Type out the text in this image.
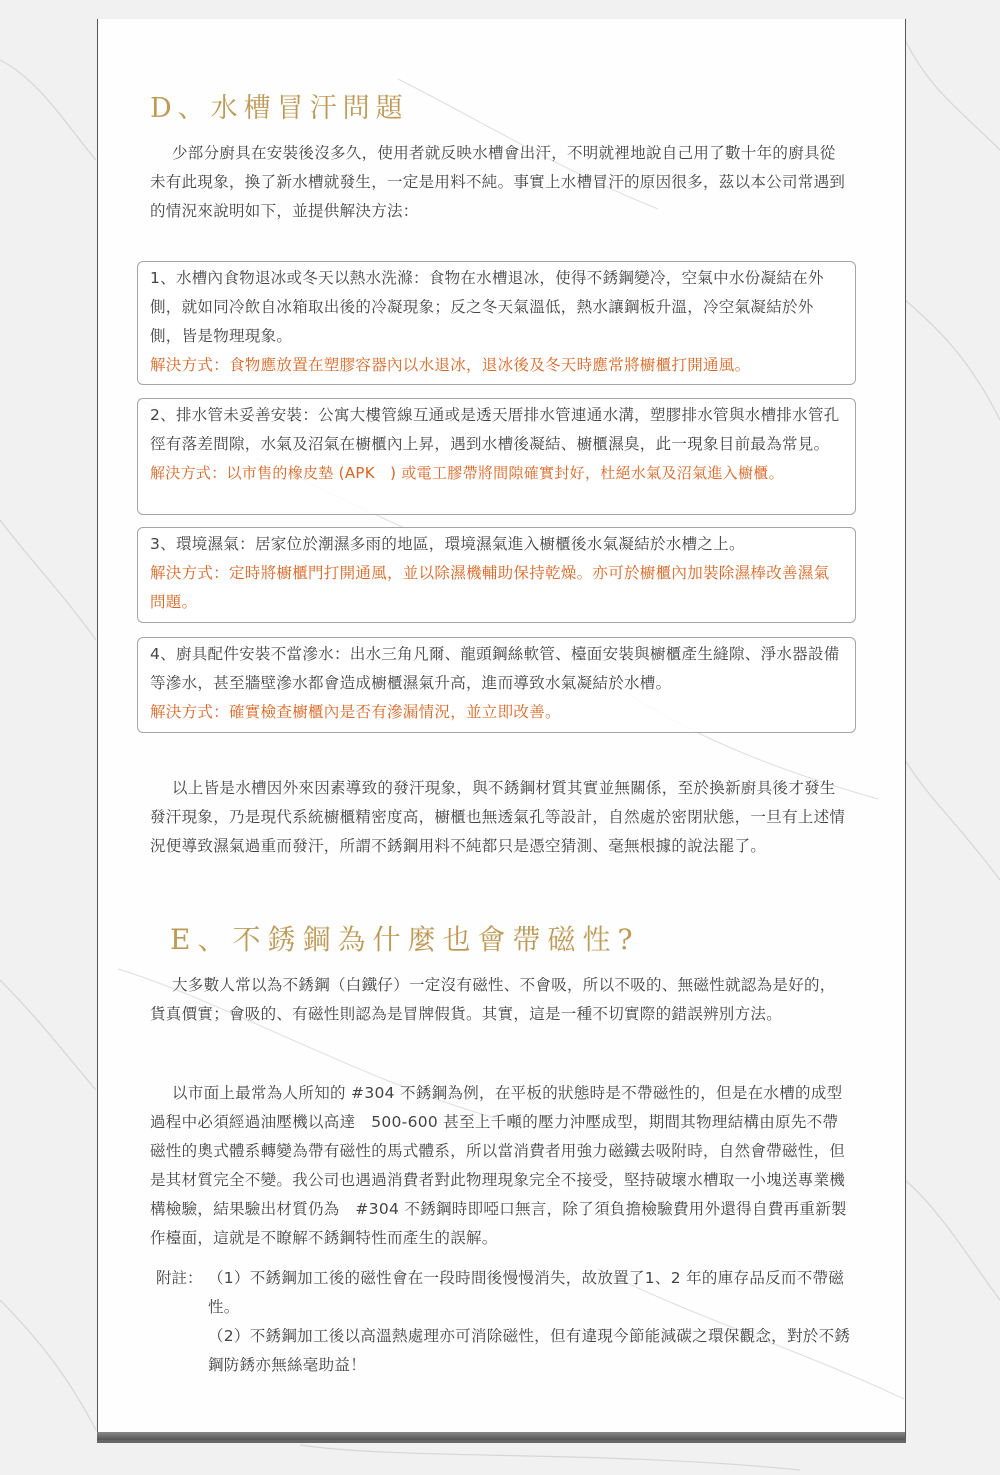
D、水槽冒汗問題

少部分廚具在安裝後沒多久，使用者就反映水槽會出汗，不明就裡地說自己用了數十年的廚具從未有此現象，換了新水槽就發生，一定是用料不純。事實上水槽冒汗的原因很多，茲以本公司常遇到的情況來說明如下，並提供解決方法：

1、水槽內食物退冰或冬天以熱水洗滌：食物在水槽退冰，使得不銹鋼變冷，空氣中水份凝結在外側，就如同冷飲自冰箱取出後的冷凝現象；反之冬天氣溫低，熱水讓鋼板升溫，冷空氣凝結於外側，皆是物理現象。

解決方式：食物應放置在塑膠容器內以水退冰，退冰後及冬天時應常將櫥櫃打開通風。

2、排水管未妥善安裝：公寓大樓管線互通或是透天厝排水管連通水溝，塑膠排水管與水槽排水管孔徑有落差間隙，水氣及沼氣在櫥櫃內上昇，遇到水槽後凝結、櫥櫃濕臭，此一現象目前最為常見。

解決方式：以市售的橡皮墊 (APK　) 或電工膠帶將間隙確實封好，杜絕水氣及沼氣進入櫥櫃。

3、環境濕氣：居家位於潮濕多雨的地區，環境濕氣進入櫥櫃後水氣凝結於水槽之上。

解決方式：定時將櫥櫃門打開通風，並以除濕機輔助保持乾燥。亦可於櫥櫃內加裝除濕棒改善濕氣問題。

4、廚具配件安裝不當滲水：出水三角凡爾、龍頭鋼絲軟管、檯面安裝與櫥櫃產生縫隙、淨水器設備等滲水，甚至牆壁滲水都會造成櫥櫃濕氣升高，進而導致水氣凝結於水槽。

解決方式：確實檢查櫥櫃內是否有滲漏情況，並立即改善。

以上皆是水槽因外來因素導致的發汗現象，與不銹鋼材質其實並無關係，至於換新廚具後才發生發汗現象，乃是現代系統櫥櫃精密度高，櫥櫃也無透氣孔等設計，自然處於密閉狀態，一旦有上述情況便導致濕氣過重而發汗，所謂不銹鋼用料不純都只是憑空猜測、毫無根據的說法罷了。

E、不銹鋼為什麼也會帶磁性?

大多數人常以為不銹鋼（白鐵仔）一定沒有磁性、不會吸，所以不吸的、無磁性就認為是好的，貨真價實；會吸的、有磁性則認為是冒牌假貨。其實，這是一種不切實際的錯誤辨別方法。

以市面上最常為人所知的 #304 不銹鋼為例，在平板的狀態時是不帶磁性的，但是在水槽的成型過程中必須經過油壓機以高達　500-600 甚至上千噸的壓力沖壓成型，期間其物理結構由原先不帶磁性的奧式體系轉變為帶有磁性的馬式體系，所以當消費者用強力磁鐵去吸附時，自然會帶磁性，但是其材質完全不變。我公司也遇過消費者對此物理現象完全不接受，堅持破壞水槽取一小塊送專業機構檢驗，結果驗出材質仍為　#304 不銹鋼時即啞口無言，除了須負擔檢驗費用外還得自費再重新製作檯面，這就是不瞭解不銹鋼特性而產生的誤解。

附註： （1）不銹鋼加工後的磁性會在一段時間後慢慢消失，故放置了1、2 年的庫存品反而不帶磁性。

（2）不銹鋼加工後以高溫熱處理亦可消除磁性，但有違現今節能減碳之環保觀念，對於不銹鋼防銹亦無絲毫助益！
